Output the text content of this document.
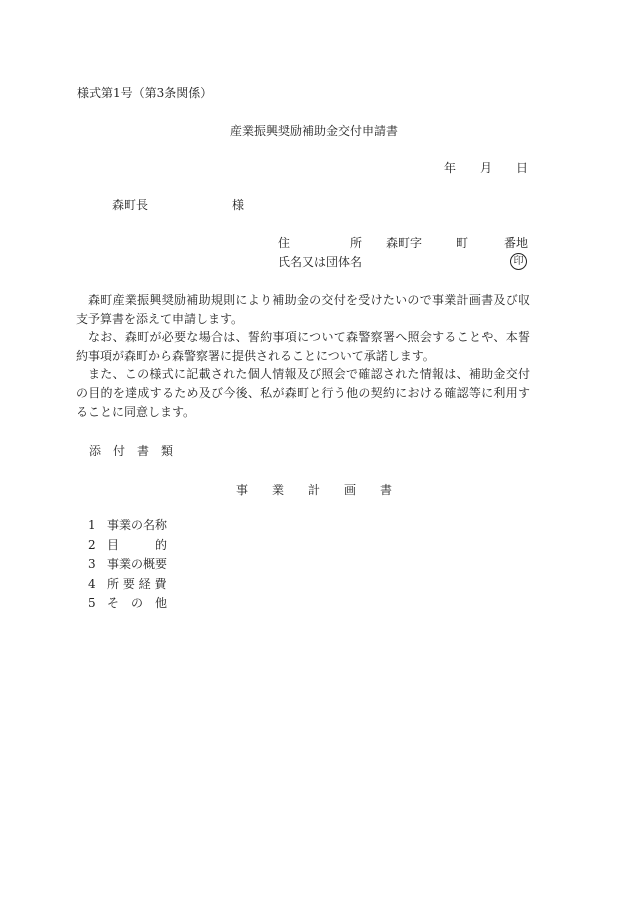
様式第1号（第3条関係）
産業振興奨励補助金交付申請書
年 月 日
森町長	様
住	所 森町字	町	番地
氏名又は団体名	印

森町産業振興奨励補助規則により補助金の交付を受けたいので事業計画書及び収支予算書を添えて申請します。

なお、森町が必要な場合は、誓約事項について森警察署へ照会することや、本誓約事項が森町から森警察署に提供されることについて承諾します。

また、この様式に記載された個人情報及び照会で確認された情報は、補助金交付の目的を達成するため及び今後、私が森町と行う他の契約における確認等に利用することに同意します。

添　付　書　類
事　　業　　計　　画　　書
1 事業の名称
2 目　　　的
3 事業の概要
4 所 要 経 費
5 そ　の　他
